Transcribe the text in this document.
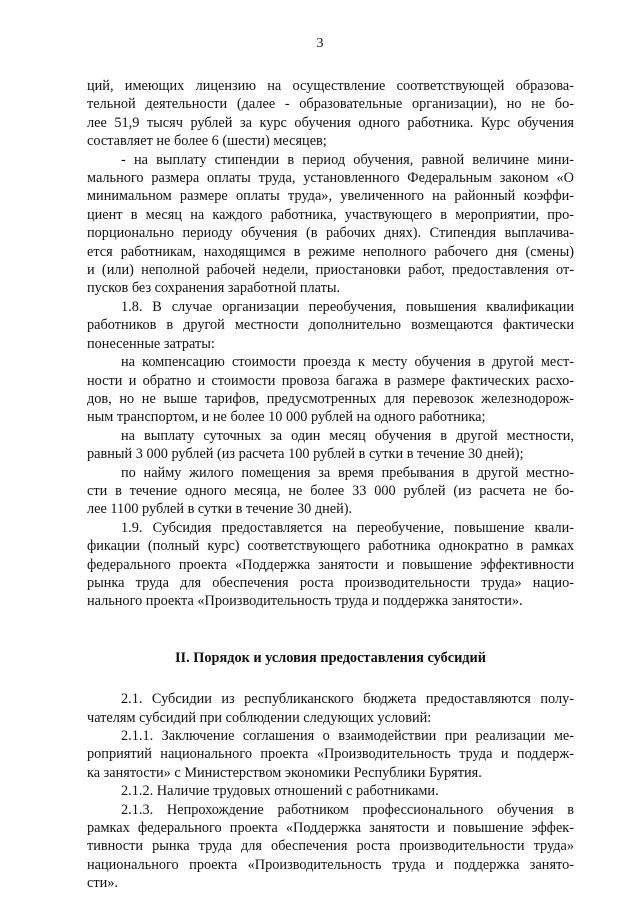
3
ций, имеющих лицензию на осуществление соответствующей образова-
тельной деятельности (далее - образовательные организации), но не бо-
лее 51,9 тысяч рублей за курс обучения одного работника. Курс обучения
составляет не более 6 (шести) месяцев;
- на выплату стипендии в период обучения, равной величине мини-
мального размера оплаты труда, установленного Федеральным законом «О
минимальном размере оплаты труда», увеличенного на районный коэффи-
циент в месяц на каждого работника, участвующего в мероприятии, про-
порционально периоду обучения (в рабочих днях). Стипендия выплачива-
ется работникам, находящимся в режиме неполного рабочего дня (смены)
и (или) неполной рабочей недели, приостановки работ, предоставления от-
пусков без сохранения заработной платы.
1.8. В случае организации переобучения, повышения квалификации
работников в другой местности дополнительно возмещаются фактически
понесенные затраты:
на компенсацию стоимости проезда к месту обучения в другой мест-
ности и обратно и стоимости провоза багажа в размере фактических расхо-
дов, но не выше тарифов, предусмотренных для перевозок железнодорож-
ным транспортом, и не более 10 000 рублей на одного работника;
на выплату суточных за один месяц обучения в другой местности,
равный 3 000 рублей (из расчета 100 рублей в сутки в течение 30 дней);
по найму жилого помещения за время пребывания в другой местно-
сти в течение одного месяца, не более 33 000 рублей (из расчета не бо-
лее 1100 рублей в сутки в течение 30 дней).
1.9. Субсидия предоставляется на переобучение, повышение квали-
фикации (полный курс) соответствующего работника однократно в рамках
федерального проекта «Поддержка занятости и повышение эффективности
рынка труда для обеспечения роста производительности труда» нацио-
нального проекта «Производительность труда и поддержка занятости».
II. Порядок и условия предоставления субсидий
2.1. Субсидии из республиканского бюджета предоставляются полу-
чателям субсидий при соблюдении следующих условий:
2.1.1. Заключение соглашения о взаимодействии при реализации ме-
роприятий национального проекта «Производительность труда и поддерж-
ка занятости» с Министерством экономики Республики Бурятия.
2.1.2. Наличие трудовых отношений с работниками.
2.1.3. Непрохождение работником профессионального обучения в
рамках федерального проекта «Поддержка занятости и повышение эффек-
тивности рынка труда для обеспечения роста производительности труда»
национального проекта «Производительность труда и поддержка занято-
сти».
